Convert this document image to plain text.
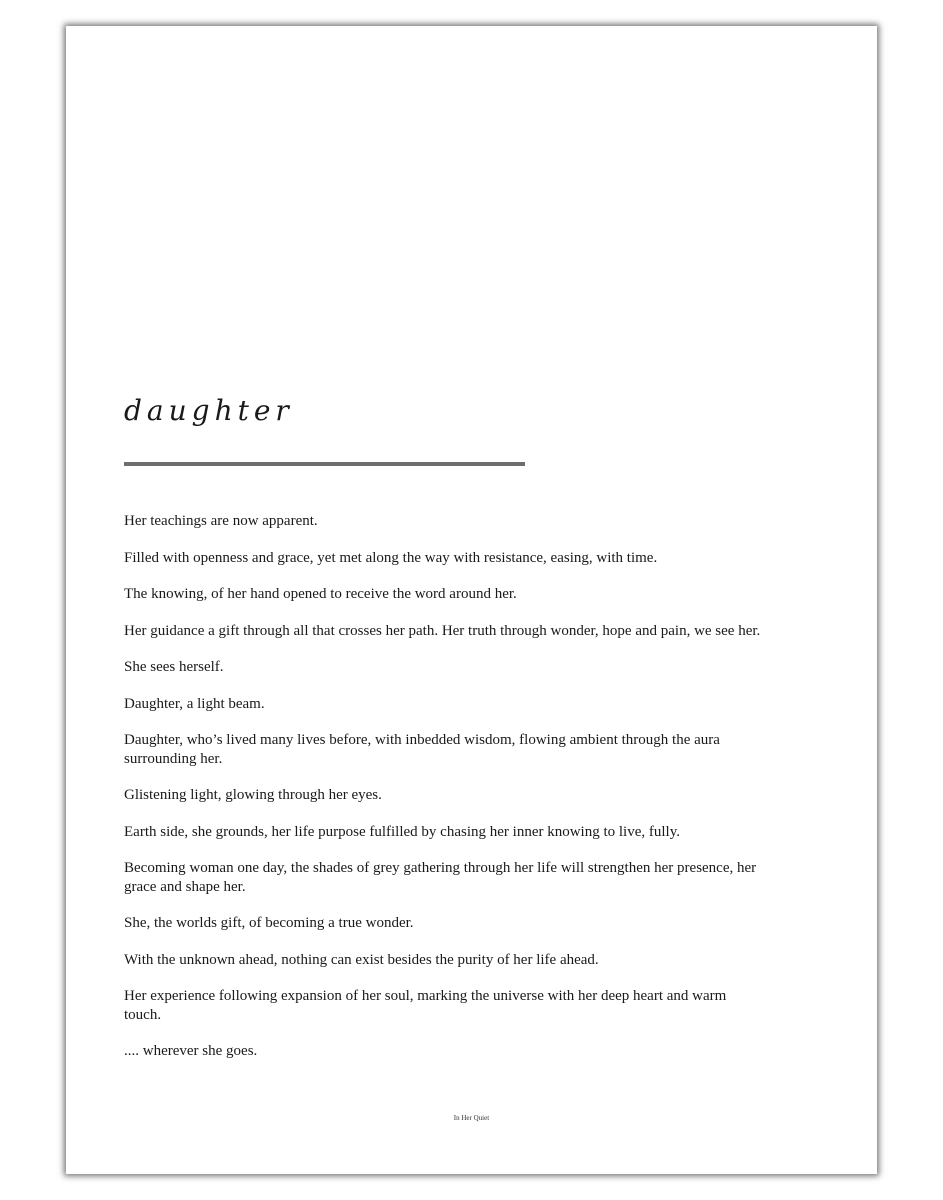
daughter

Her teachings are now apparent.

Filled with openness and grace, yet met along the way with resistance, easing, with time.

The knowing, of her hand opened to receive the word around her.

Her guidance a gift through all that crosses her path. Her truth through wonder, hope and pain, we see her.

She sees herself.

Daughter, a light beam.

Daughter, who’s lived many lives before, with inbedded wisdom, flowing ambient through the aura surrounding her.

Glistening light, glowing through her eyes.

Earth side, she grounds, her life purpose fulfilled by chasing her inner knowing to live, fully.

Becoming woman one day, the shades of grey gathering through her life will strengthen her presence, her grace and shape her.

She, the worlds gift, of becoming a true wonder.

With the unknown ahead, nothing can exist besides the purity of her life ahead.

Her experience following expansion of her soul, marking the universe with her deep heart and warm touch.

.... wherever she goes.

In Her Quiet
